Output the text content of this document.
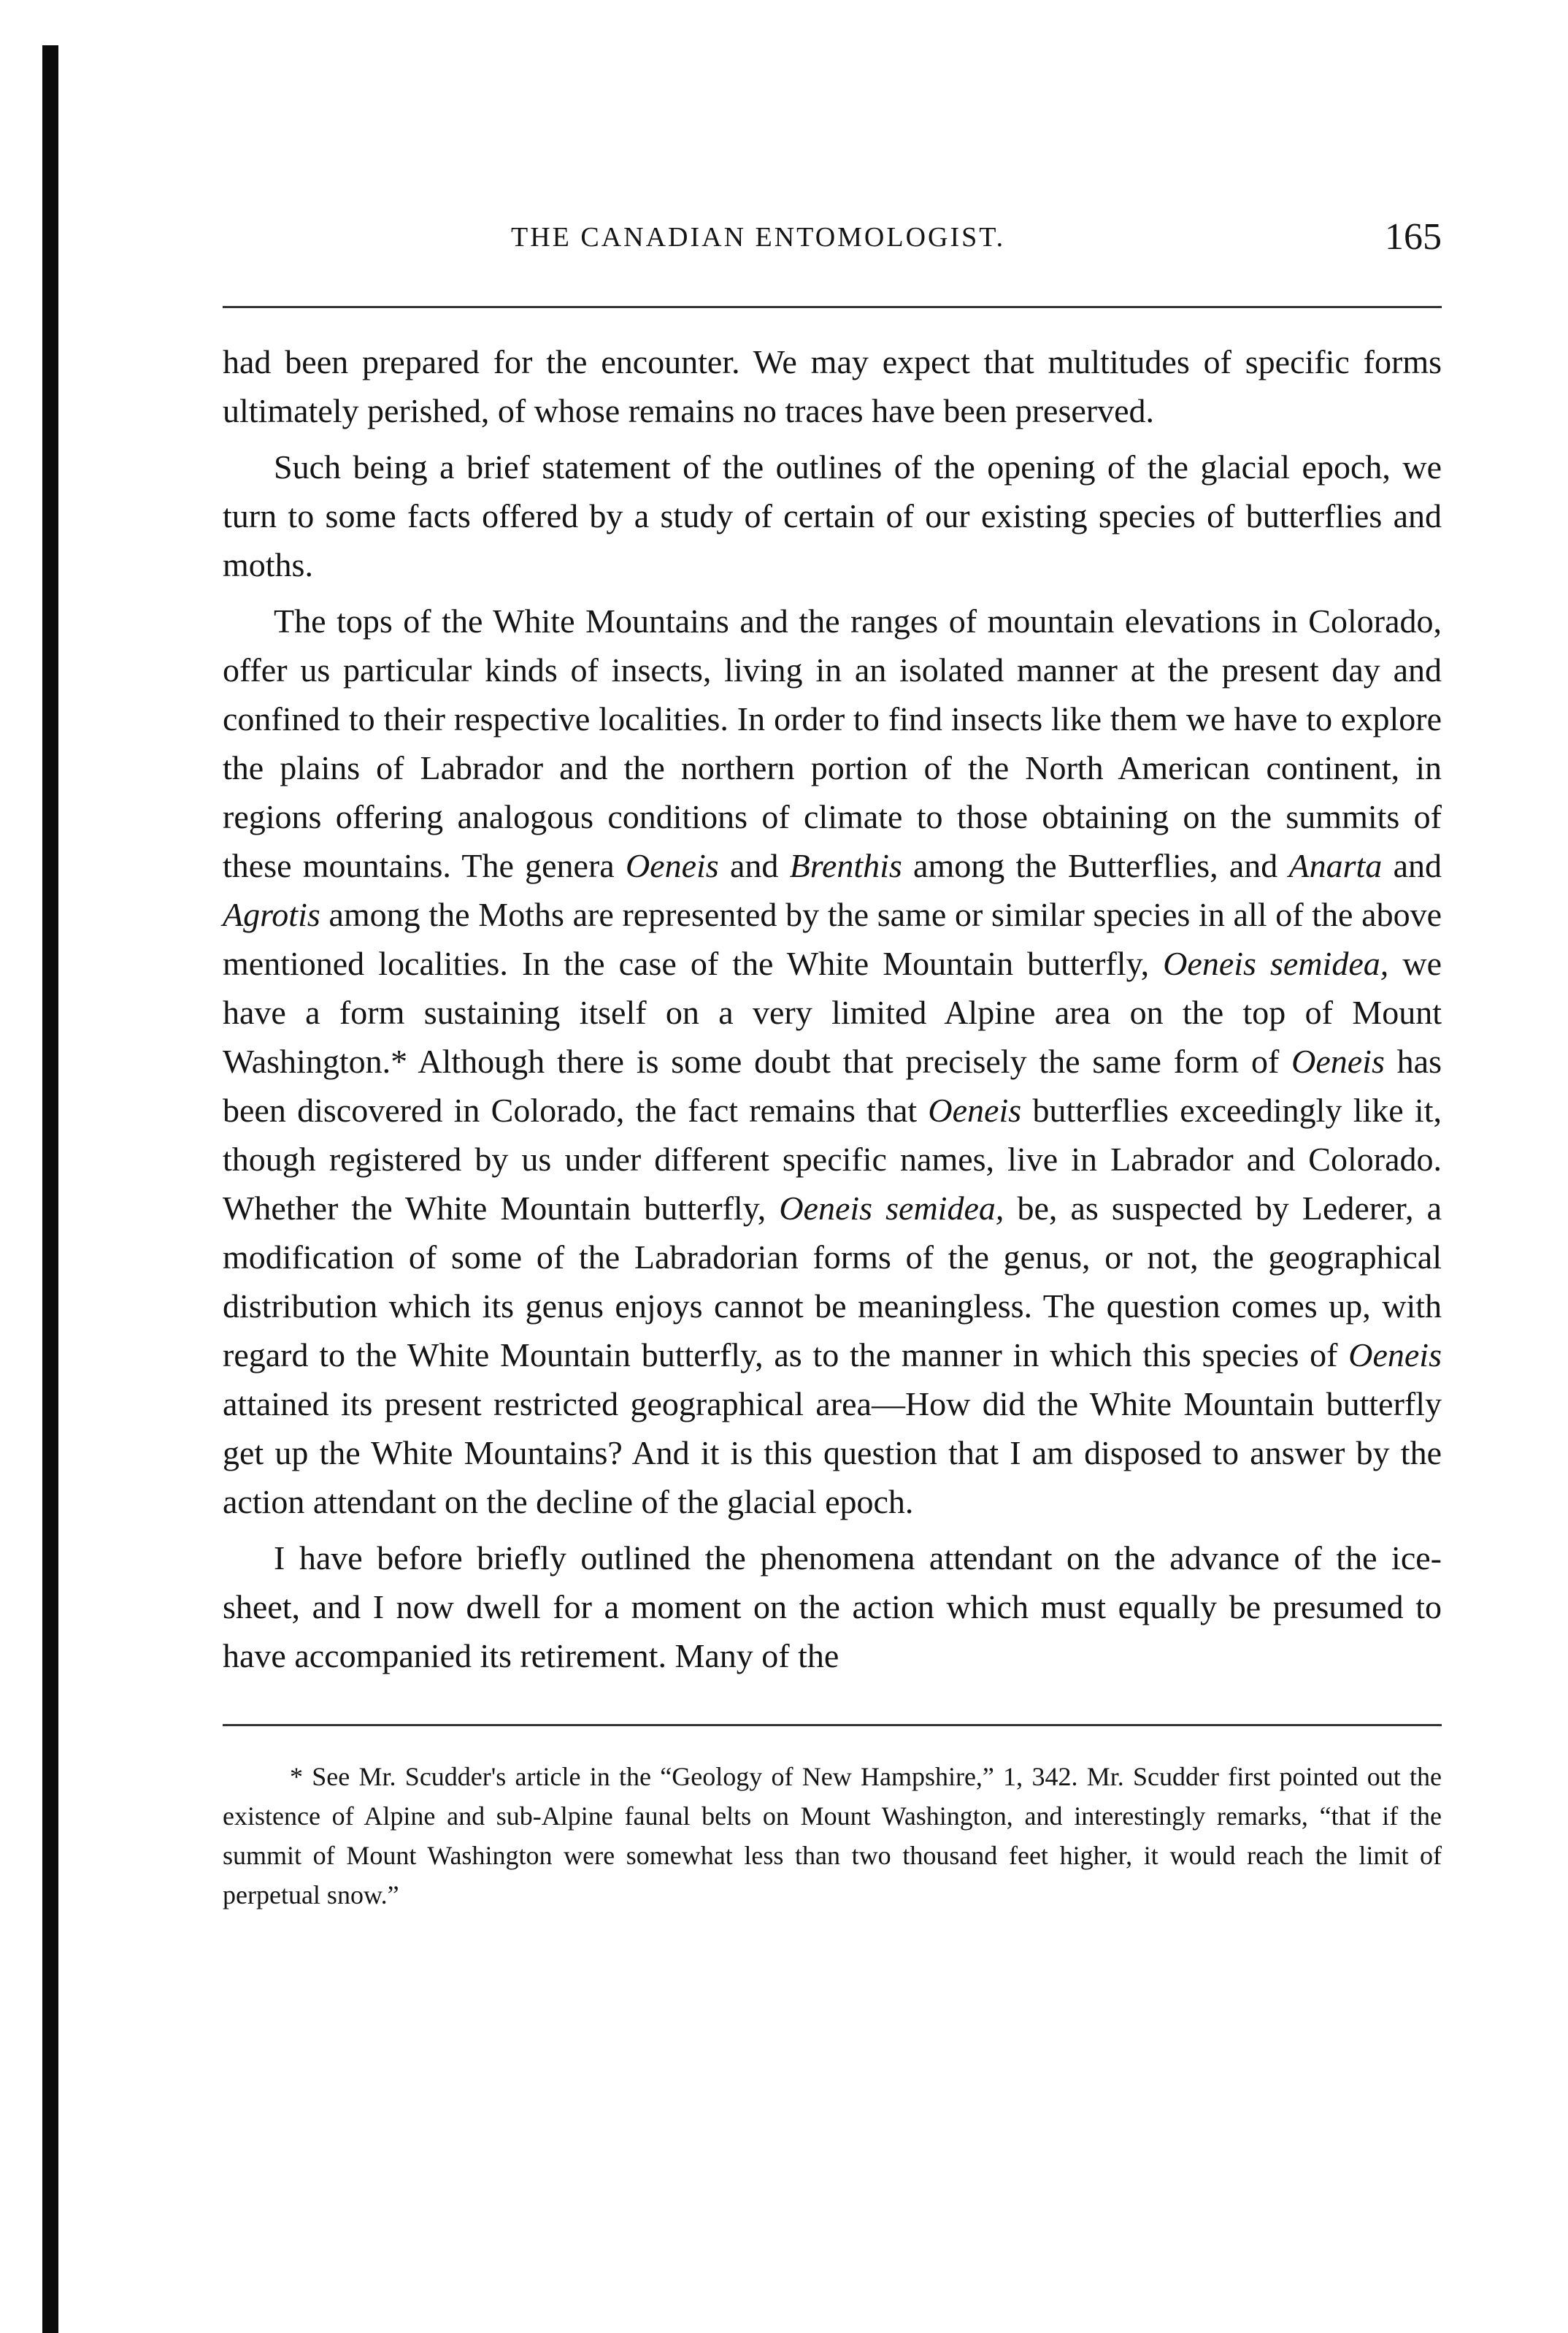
THE CANADIAN ENTOMOLOGIST.	165

had been prepared for the encounter. We may expect that multitudes of specific forms ultimately perished, of whose remains no traces have been preserved.

Such being a brief statement of the outlines of the opening of the glacial epoch, we turn to some facts offered by a study of certain of our existing species of butterflies and moths.

The tops of the White Mountains and the ranges of mountain elevations in Colorado, offer us particular kinds of insects, living in an isolated manner at the present day and confined to their respective localities. In order to find insects like them we have to explore the plains of Labrador and the northern portion of the North American continent, in regions offering analogous conditions of climate to those obtaining on the summits of these mountains. The genera Oeneis and Brenthis among the Butterflies, and Anarta and Agrotis among the Moths are represented by the same or similar species in all of the above mentioned localities. In the case of the White Mountain butterfly, Oeneis semidea, we have a form sustaining itself on a very limited Alpine area on the top of Mount Washington.* Although there is some doubt that precisely the same form of Oeneis has been discovered in Colorado, the fact remains that Oeneis butterflies exceedingly like it, though registered by us under different specific names, live in Labrador and Colorado. Whether the White Mountain butterfly, Oeneis semidea, be, as suspected by Lederer, a modification of some of the Labradorian forms of the genus, or not, the geographical distribution which its genus enjoys cannot be meaningless. The question comes up, with regard to the White Mountain butterfly, as to the manner in which this species of Oeneis attained its present restricted geographical area—How did the White Mountain butterfly get up the White Mountains? And it is this question that I am disposed to answer by the action attendant on the decline of the glacial epoch.

I have before briefly outlined the phenomena attendant on the advance of the ice-sheet, and I now dwell for a moment on the action which must equally be presumed to have accompanied its retirement. Many of the

* See Mr. Scudder's article in the “Geology of New Hampshire,” 1, 342. Mr. Scudder first pointed out the existence of Alpine and sub-Alpine faunal belts on Mount Washington, and interestingly remarks, “that if the summit of Mount Washington were somewhat less than two thousand feet higher, it would reach the limit of perpetual snow.”
